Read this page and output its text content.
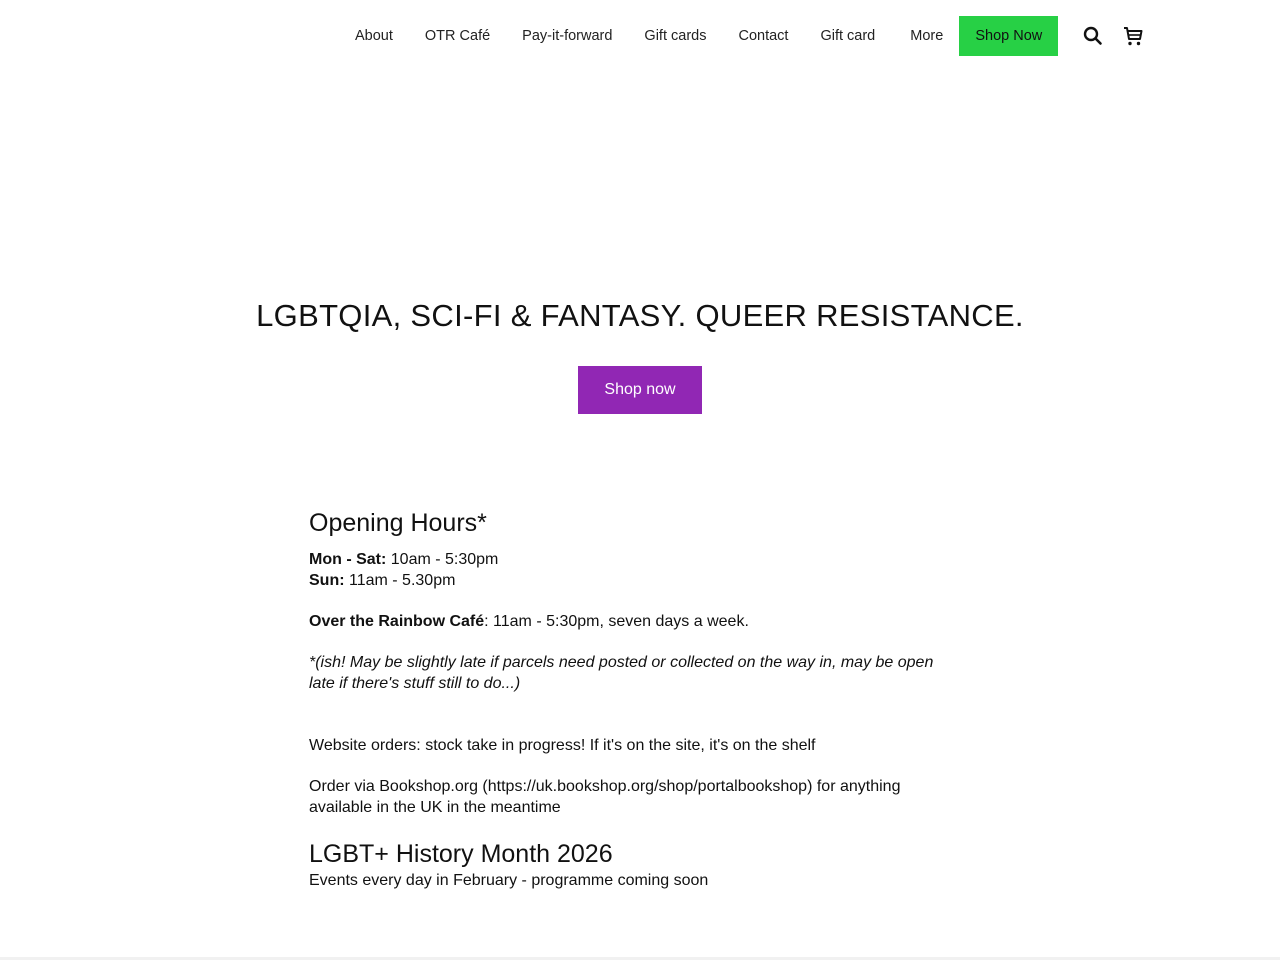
About	OTR Café	Pay-it-forward	Gift cards	Contact	Gift card	More	Shop Now
LGBTQIA, SCI-FI & FANTASY. QUEER RESISTANCE.
Shop now
Opening Hours*

Mon - Sat: 10am - 5:30pm

Sun: 11am - 5.30pm

Over the Rainbow Café: 11am - 5:30pm, seven days a week.

*(ish! May be slightly late if parcels need posted or collected on the way in, may be open late if there's stuff still to do...)

Website orders: stock take in progress! If it's on the site, it's on the shelf

Order via Bookshop.org (https://uk.bookshop.org/shop/portalbookshop) for anything available in the UK in the meantime

LGBT+ History Month 2026

Events every day in February - programme coming soon
